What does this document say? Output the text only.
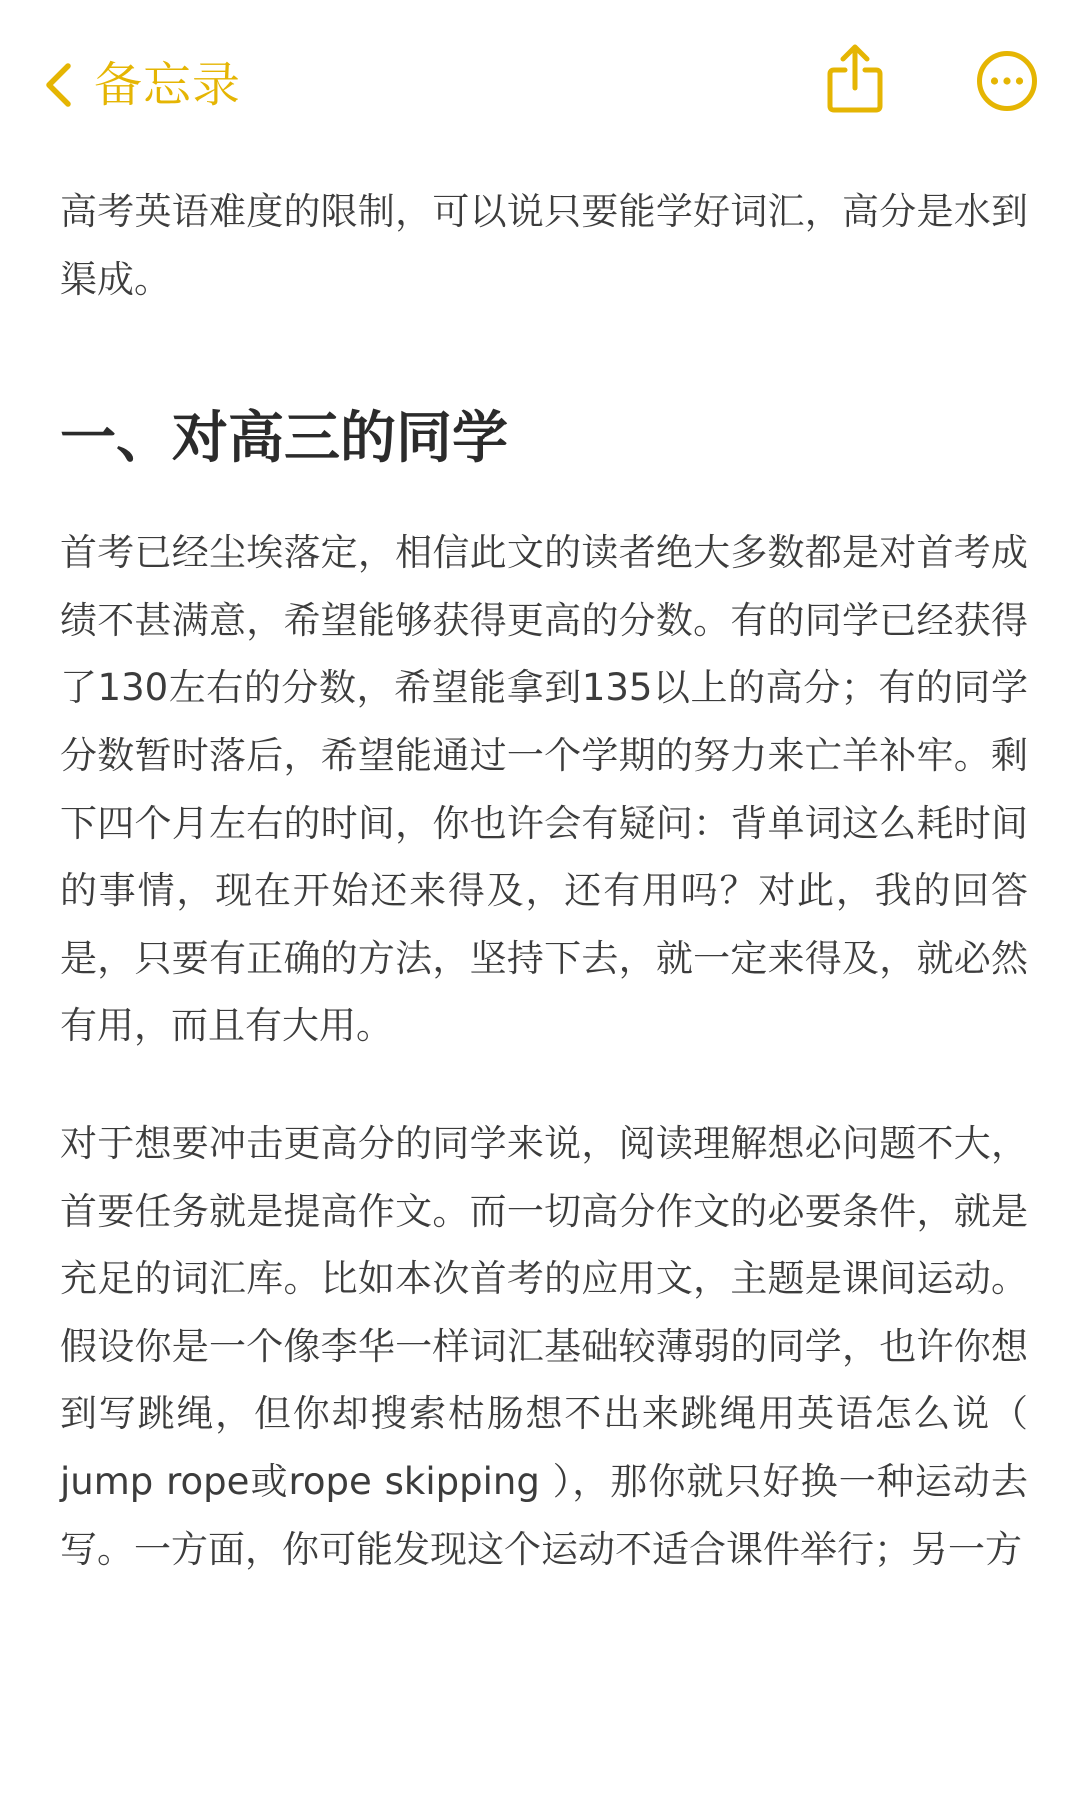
备忘录

高考英语难度的限制，可以说只要能学好词汇，高分是水到渠成。

一、对高三的同学

首考已经尘埃落定，相信此文的读者绝大多数都是对首考成绩不甚满意，希望能够获得更高的分数。有的同学已经获得了130左右的分数，希望能拿到135以上的高分；有的同学分数暂时落后，希望能通过一个学期的努力来亡羊补牢。剩下四个月左右的时间，你也许会有疑问：背单词这么耗时间的事情，现在开始还来得及，还有用吗？对此，我的回答是，只要有正确的方法，坚持下去，就一定来得及，就必然有用，而且有大用。

对于想要冲击更高分的同学来说，阅读理解想必问题不大，首要任务就是提高作文。而一切高分作文的必要条件，就是充足的词汇库。比如本次首考的应用文，主题是课间运动。假设你是一个像李华一样词汇基础较薄弱的同学，也许你想到写跳绳，但你却搜索枯肠想不出来跳绳用英语怎么说（ jump rope或rope skipping ），那你就只好换一种运动去写。一方面，你可能发现这个运动不适合课件举行；另一方
